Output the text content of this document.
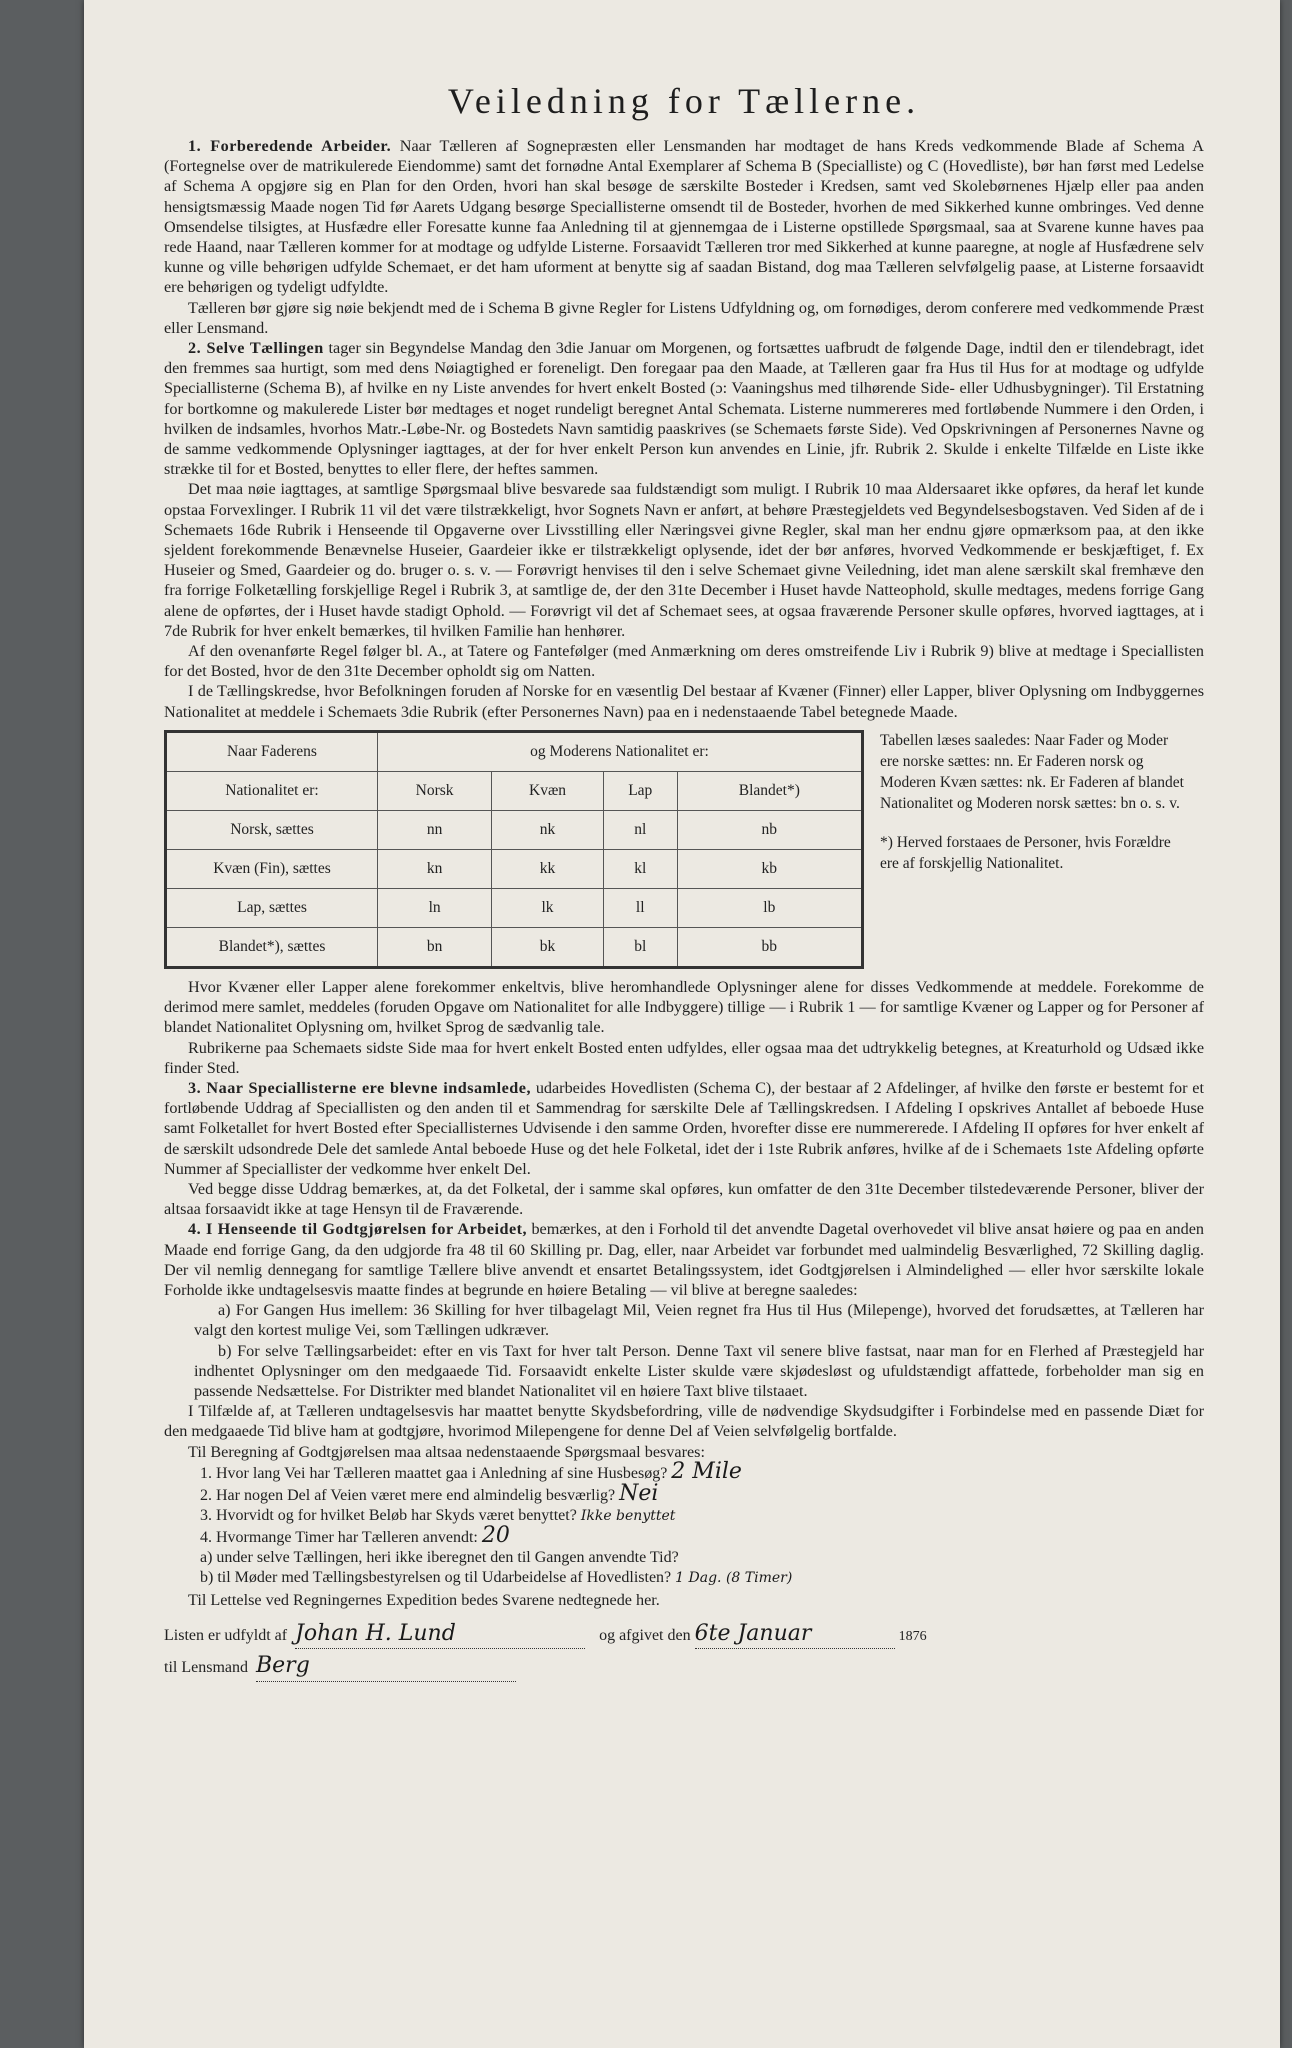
Veiledning for Tællerne.

1. Forberedende Arbeider. Naar Tælleren af Sognepræsten eller Lensmanden har modtaget de hans Kreds vedkommende Blade af Schema A (Fortegnelse over de matrikulerede Eiendomme) samt det fornødne Antal Exemplarer af Schema B (Specialliste) og C (Hovedliste), bør han først med Ledelse af Schema A opgjøre sig en Plan for den Orden, hvori han skal besøge de særskilte Bosteder i Kredsen, samt ved Skolebørnenes Hjælp eller paa anden hensigtsmæssig Maade nogen Tid før Aarets Udgang besørge Speciallisterne omsendt til de Bosteder, hvorhen de med Sikkerhed kunne ombringes. Ved denne Omsendelse tilsigtes, at Husfædre eller Foresatte kunne faa Anledning til at gjennemgaa de i Listerne opstillede Spørgsmaal, saa at Svarene kunne haves paa rede Haand, naar Tælleren kommer for at modtage og udfylde Listerne. Forsaavidt Tælleren tror med Sikkerhed at kunne paaregne, at nogle af Husfædrene selv kunne og ville behørigen udfylde Schemaet, er det ham uforment at benytte sig af saadan Bistand, dog maa Tælleren selvfølgelig paase, at Listerne forsaavidt ere behørigen og tydeligt udfyldte.

Tælleren bør gjøre sig nøie bekjendt med de i Schema B givne Regler for Listens Udfyldning og, om fornødiges, derom conferere med vedkommende Præst eller Lensmand.

2. Selve Tællingen tager sin Begyndelse Mandag den 3die Januar om Morgenen, og fortsættes uafbrudt de følgende Dage, indtil den er tilendebragt, idet den fremmes saa hurtigt, som med dens Nøiagtighed er foreneligt. Den foregaar paa den Maade, at Tælleren gaar fra Hus til Hus for at modtage og udfylde Speciallisterne (Schema B), af hvilke en ny Liste anvendes for hvert enkelt Bosted (ɔ: Vaaningshus med tilhørende Side- eller Udhusbygninger). Til Erstatning for bortkomne og makulerede Lister bør medtages et noget rundeligt beregnet Antal Schemata. Listerne nummereres med fortløbende Nummere i den Orden, i hvilken de indsamles, hvorhos Matr.-Løbe-Nr. og Bostedets Navn samtidig paaskrives (se Schemaets første Side). Ved Opskrivningen af Personernes Navne og de samme vedkommende Oplysninger iagttages, at der for hver enkelt Person kun anvendes en Linie, jfr. Rubrik 2. Skulde i enkelte Tilfælde en Liste ikke strække til for et Bosted, benyttes to eller flere, der heftes sammen.

Det maa nøie iagttages, at samtlige Spørgsmaal blive besvarede saa fuldstændigt som muligt. I Rubrik 10 maa Aldersaaret ikke opføres, da heraf let kunde opstaa Forvexlinger. I Rubrik 11 vil det være tilstrækkeligt, hvor Sognets Navn er anført, at behøre Præstegjeldets ved Begyndelsesbogstaven. Ved Siden af de i Schemaets 16de Rubrik i Henseende til Opgaverne over Livsstilling eller Næringsvei givne Regler, skal man her endnu gjøre opmærksom paa, at den ikke sjeldent forekommende Benævnelse Huseier, Gaardeier ikke er tilstrækkeligt oplysende, idet der bør anføres, hvorved Vedkommende er beskjæftiget, f. Ex Huseier og Smed, Gaardeier og do. bruger o. s. v. — Forøvrigt henvises til den i selve Schemaet givne Veiledning, idet man alene særskilt skal fremhæve den fra forrige Folketælling forskjellige Regel i Rubrik 3, at samtlige de, der den 31te December i Huset havde Natteophold, skulle medtages, medens forrige Gang alene de opførtes, der i Huset havde stadigt Ophold. — Forøvrigt vil det af Schemaet sees, at ogsaa fraværende Personer skulle opføres, hvorved iagttages, at i 7de Rubrik for hver enkelt bemærkes, til hvilken Familie han henhører.

Af den ovenanførte Regel følger bl. A., at Tatere og Fantefølger (med Anmærkning om deres omstreifende Liv i Rubrik 9) blive at medtage i Speciallisten for det Bosted, hvor de den 31te December opholdt sig om Natten.

I de Tællingskredse, hvor Befolkningen foruden af Norske for en væsentlig Del bestaar af Kvæner (Finner) eller Lapper, bliver Oplysning om Indbyggernes Nationalitet at meddele i Schemaets 3die Rubrik (efter Personernes Navn) paa en i nedenstaaende Tabel betegnede Maade.

Naar Faderens	og Moderens Nationalitet er:			
Nationalitet er:	Norsk	Kvæn	Lap	Blandet*)
Norsk, sættes	nn	nk	nl	nb
Kvæn (Fin), sættes	kn	kk	kl	kb
Lap, sættes	ln	lk	ll	lb
Blandet*), sættes	bn	bk	bl	bb
Tabellen læses saaledes: Naar Fader og Moder ere norske sættes: nn. Er Faderen norsk og Moderen Kvæn sættes: nk. Er Faderen af blandet Nationalitet og Moderen norsk sættes: bn o. s. v.
*) Herved forstaaes de Personer, hvis Forældre ere af forskjellig Nationalitet.

Hvor Kvæner eller Lapper alene forekommer enkeltvis, blive heromhandlede Oplysninger alene for disses Vedkommende at meddele. Forekomme de derimod mere samlet, meddeles (foruden Opgave om Nationalitet for alle Indbyggere) tillige — i Rubrik 1 — for samtlige Kvæner og Lapper og for Personer af blandet Nationalitet Oplysning om, hvilket Sprog de sædvanlig tale.

Rubrikerne paa Schemaets sidste Side maa for hvert enkelt Bosted enten udfyldes, eller ogsaa maa det udtrykkelig betegnes, at Kreaturhold og Udsæd ikke finder Sted.

3. Naar Speciallisterne ere blevne indsamlede, udarbeides Hovedlisten (Schema C), der bestaar af 2 Afdelinger, af hvilke den første er bestemt for et fortløbende Uddrag af Speciallisten og den anden til et Sammendrag for særskilte Dele af Tællingskredsen. I Afdeling I opskrives Antallet af beboede Huse samt Folketallet for hvert Bosted efter Speciallisternes Udvisende i den samme Orden, hvorefter disse ere nummererede. I Afdeling II opføres for hver enkelt af de særskilt udsondrede Dele det samlede Antal beboede Huse og det hele Folketal, idet der i 1ste Rubrik anføres, hvilke af de i Schemaets 1ste Afdeling opførte Nummer af Speciallister der vedkomme hver enkelt Del.

Ved begge disse Uddrag bemærkes, at, da det Folketal, der i samme skal opføres, kun omfatter de den 31te December tilstedeværende Personer, bliver der altsaa forsaavidt ikke at tage Hensyn til de Fraværende.

4. I Henseende til Godtgjørelsen for Arbeidet, bemærkes, at den i Forhold til det anvendte Dagetal overhovedet vil blive ansat høiere og paa en anden Maade end forrige Gang, da den udgjorde fra 48 til 60 Skilling pr. Dag, eller, naar Arbeidet var forbundet med ualmindelig Besværlighed, 72 Skilling daglig. Der vil nemlig dennegang for samtlige Tællere blive anvendt et ensartet Betalingssystem, idet Godtgjørelsen i Almindelighed — eller hvor særskilte lokale Forholde ikke undtagelsesvis maatte findes at begrunde en høiere Betaling — vil blive at beregne saaledes:

a) For Gangen Hus imellem: 36 Skilling for hver tilbagelagt Mil, Veien regnet fra Hus til Hus (Milepenge), hvorved det forudsættes, at Tælleren har valgt den kortest mulige Vei, som Tællingen udkræver.

b) For selve Tællingsarbeidet: efter en vis Taxt for hver talt Person. Denne Taxt vil senere blive fastsat, naar man for en Flerhed af Præstegjeld har indhentet Oplysninger om den medgaaede Tid. Forsaavidt enkelte Lister skulde være skjødesløst og ufuldstændigt affattede, forbeholder man sig en passende Nedsættelse. For Distrikter med blandet Nationalitet vil en høiere Taxt blive tilstaaet.

I Tilfælde af, at Tælleren undtagelsesvis har maattet benytte Skydsbefordring, ville de nødvendige Skydsudgifter i Forbindelse med en passende Diæt for den medgaaede Tid blive ham at godtgjøre, hvorimod Milepengene for denne Del af Veien selvfølgelig bortfalde.

Til Beregning af Godtgjørelsen maa altsaa nedenstaaende Spørgsmaal besvares:

1. Hvor lang Vei har Tælleren maattet gaa i Anledning af sine Husbesøg? 2 Mile
2. Har nogen Del af Veien været mere end almindelig besværlig? Nei
3. Hvorvidt og for hvilket Beløb har Skyds været benyttet? Ikke benyttet
4. Hvormange Timer har Tælleren anvendt: 20
a) under selve Tællingen, heri ikke iberegnet den til Gangen anvendte Tid?
b) til Møder med Tællingsbestyrelsen og til Udarbeidelse af Hovedlisten? 1 Dag. (8 Timer)

Til Lettelse ved Regningernes Expedition bedes Svarene nedtegnede her.

Listen er udfyldt af Johan H. Lund	og afgivet den 6te Januar	1876
til Lensmand Berg
